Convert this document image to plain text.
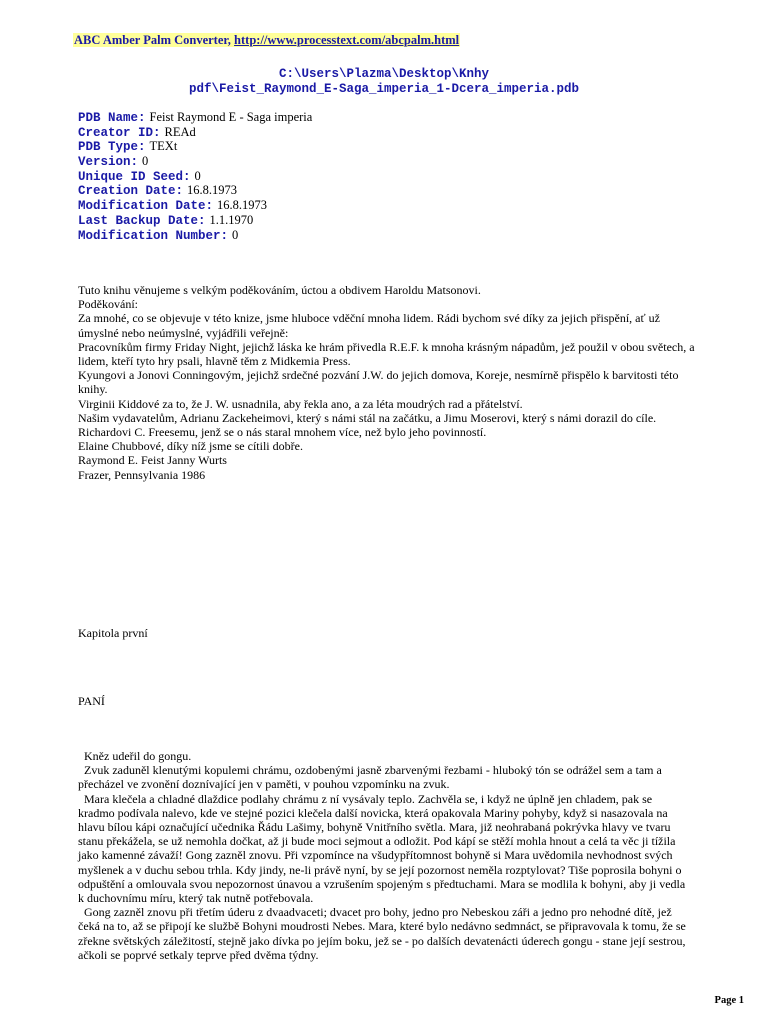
ABC Amber Palm Converter, http://www.processtext.com/abcpalm.html
C:\Users\Plazma\Desktop\Knhy
pdf\Feist_Raymond_E-Saga_imperia_1-Dcera_imperia.pdb
PDB Name: Feist Raymond E - Saga imperia
Creator ID: REAd
PDB Type: TEXt
Version: 0
Unique ID Seed: 0
Creation Date: 16.8.1973
Modification Date: 16.8.1973
Last Backup Date: 1.1.1970
Modification Number: 0

Tuto knihu věnujeme s velkým poděkováním, úctou a obdivem Haroldu Matsonovi.

Poděkování:

Za mnohé, co se objevuje v této knize, jsme hluboce vděční mnoha lidem. Rádi bychom své díky za jejich přispění, ať už úmyslné nebo neúmyslné, vyjádřili veřejně:

Pracovníkům firmy Friday Night, jejichž láska ke hrám přivedla R.E.F. k mnoha krásným nápadům, jež použil v obou světech, a lidem, kteří tyto hry psali, hlavně těm z Midkemia Press.

Kyungovi a Jonovi Conningovým, jejichž srdečné pozvání J.W. do jejich domova, Koreje, nesmírně přispělo k barvitosti této knihy.

Virginii Kiddové za to, že J. W. usnadnila, aby řekla ano, a za léta moudrých rad a přátelství.

Našim vydavatelům, Adrianu Zackeheimovi, který s námi stál na začátku, a Jimu Moserovi, který s námi dorazil do cíle.

Richardovi C. Freesemu, jenž se o nás staral mnohem více, než bylo jeho povinností.

Elaine Chubbové, díky níž jsme se cítili dobře.

Raymond E. Feist Janny Wurts

Frazer, Pennsylvania 1986

Kapitola první
PANÍ

Kněz udeřil do gongu.

Zvuk zaduněl klenutými kopulemi chrámu, ozdobenými jasně zbarvenými řezbami - hluboký tón se odrážel sem a tam a přecházel ve zvonění doznívající jen v paměti, v pouhou vzpomínku na zvuk.

Mara klečela a chladné dlaždice podlahy chrámu z ní vysávaly teplo. Zachvěla se, i když ne úplně jen chladem, pak se kradmo podívala nalevo, kde ve stejné pozici klečela další novicka, která opakovala Mariny pohyby, když si nasazovala na hlavu bílou kápi označující učednika Řádu Lašimy, bohyně Vnitřního světla. Mara, již neohrabaná pokrývka hlavy ve tvaru stanu překážela, se už nemohla dočkat, až ji bude moci sejmout a odložit. Pod kápí se stěží mohla hnout a celá ta věc ji tížila jako kamenné závaží! Gong zazněl znovu. Při vzpomínce na všudypřítomnost bohyně si Mara uvědomila nevhodnost svých myšlenek a v duchu sebou trhla. Kdy jindy, ne-li právě nyní, by se její pozornost neměla rozptylovat? Tiše poprosila bohyni o odpuštění a omlouvala svou nepozornost únavou a vzrušením spojeným s předtuchami. Mara se modlila k bohyni, aby ji vedla k duchovnímu míru, který tak nutně potřebovala.

Gong zazněl znovu při třetím úderu z dvaadvaceti; dvacet pro bohy, jedno pro Nebeskou záři a jedno pro nehodné dítě, jež čeká na to, až se připojí ke službě Bohyni moudrosti Nebes. Mara, které bylo nedávno sedmnáct, se připravovala k tomu, že se zřekne světských záležitostí, stejně jako dívka po jejím boku, jež se - po dalších devatenácti úderech gongu - stane její sestrou, ačkoli se poprvé setkaly teprve před dvěma týdny.

Page 1
